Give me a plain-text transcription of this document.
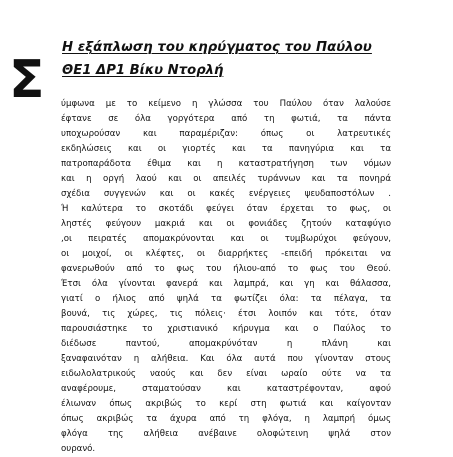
Η εξάπλωση του κηρύγματος του Παύλου
ΘΕ1 ΔΡ1 Βίκυ Ντορλή
Σ ύμφωνα με το κείμενο η γλώσσα του Παύλου όταν λαλούσε
έφτανε σε όλα γοργότερα από τη φωτιά, τα πάντα
υποχωρούσαν και παραμέριζαν: όπως οι λατρευτικές
εκδηλώσεις και οι γιορτές και τα πανηγύρια και τα
πατροπαράδοτα έθιμα και η καταστρατήγηση των νόμων
και η οργή λαού και οι απειλές τυράννων και τα πονηρά
σχέδια συγγενών και οι κακές ενέργειες ψευδαποστόλων .
Ή καλύτερα το σκοτάδι φεύγει όταν έρχεται το φως, οι
ληστές φεύγουν μακριά και οι φονιάδες ζητούν καταφύγιο
,οι πειρατές απομακρύνονται και οι τυμβωρύχοι φεύγουν,
οι μοιχοί, οι κλέφτες, οι διαρρήκτες -επειδή πρόκειται να
φανερωθούν από το φως του ήλιου-από το φως του Θεού.
Έτσι όλα γίνονται φανερά και λαμπρά, και γη και θάλασσα,
γιατί ο ήλιος από ψηλά τα φωτίζει όλα: τα πέλαγα, τα
βουνά, τις χώρες, τις πόλεις· έτσι λοιπόν και τότε, όταν
παρουσιάστηκε το χριστιανικό κήρυγμα και ο Παύλος το
διέδωσε παντού, απομακρύνόταν η πλάνη και
ξαναφαινόταν η αλήθεια. Και όλα αυτά που γίνονταν στους
ειδωλολατρικούς ναούς και δεν είναι ωραίο ούτε να τα
αναφέρουμε, σταματούσαν και καταστρέφονταν, αφού
έλιωναν όπως ακριβώς το κερί στη φωτιά και καίγονταν
όπως ακριβώς τα άχυρα από τη φλόγα, η λαμπρή όμως
φλόγα της αλήθεια ανέβαινε ολοφώτεινη ψηλά στον
ουρανό.
